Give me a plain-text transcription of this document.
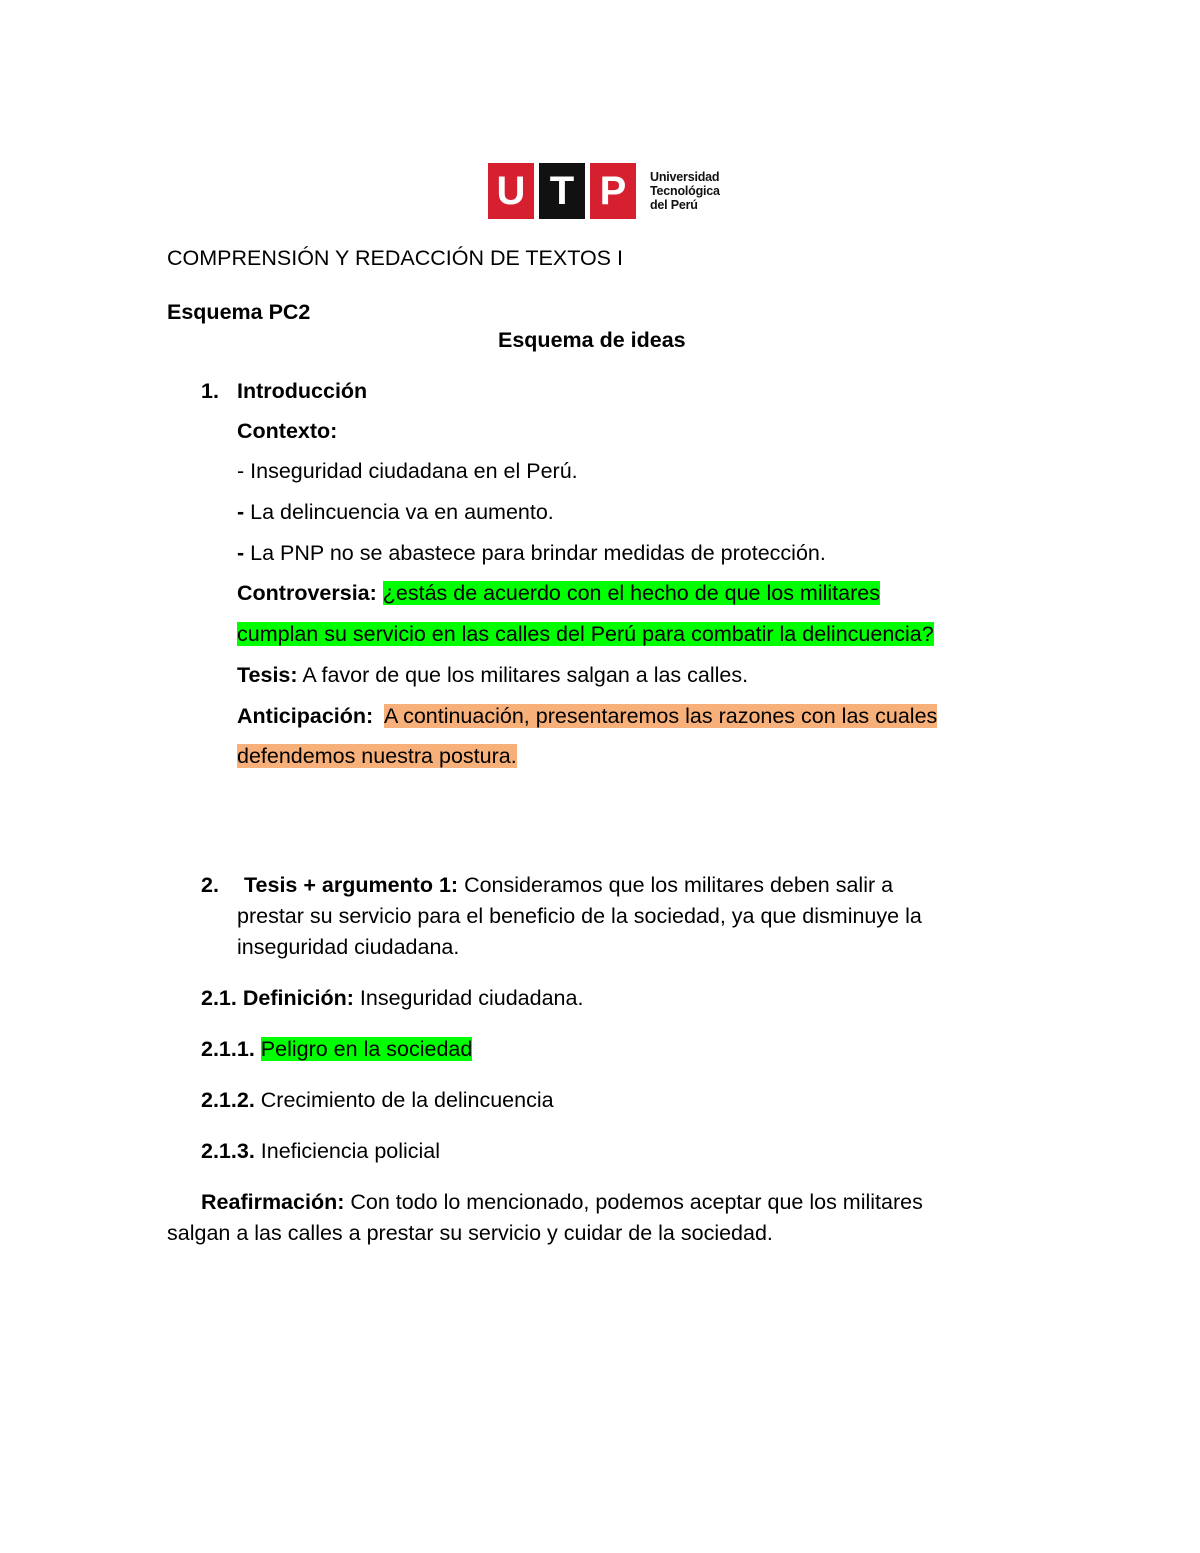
U T P	Universidad
Tecnológica
del Perú
COMPRENSIÓN Y REDACCIÓN DE TEXTOS I
Esquema PC2
Esquema de ideas
1. Introducción
Contexto:
- Inseguridad ciudadana en el Perú.
- La delincuencia va en aumento.
- La PNP no se abastece para brindar medidas de protección.
Controversia: ¿estás de acuerdo con el hecho de que los militares
cumplan su servicio en las calles del Perú para combatir la delincuencia?
Tesis: A favor de que los militares salgan a las calles.
Anticipación: A continuación, presentaremos las razones con las cuales
defendemos nuestra postura.
2. Tesis + argumento 1: Consideramos que los militares deben salir a
prestar su servicio para el beneficio de la sociedad, ya que disminuye la
inseguridad ciudadana.
2.1. Definición: Inseguridad ciudadana.
2.1.1. Peligro en la sociedad
2.1.2. Crecimiento de la delincuencia
2.1.3. Ineficiencia policial
Reafirmación: Con todo lo mencionado, podemos aceptar que los militares
salgan a las calles a prestar su servicio y cuidar de la sociedad.
